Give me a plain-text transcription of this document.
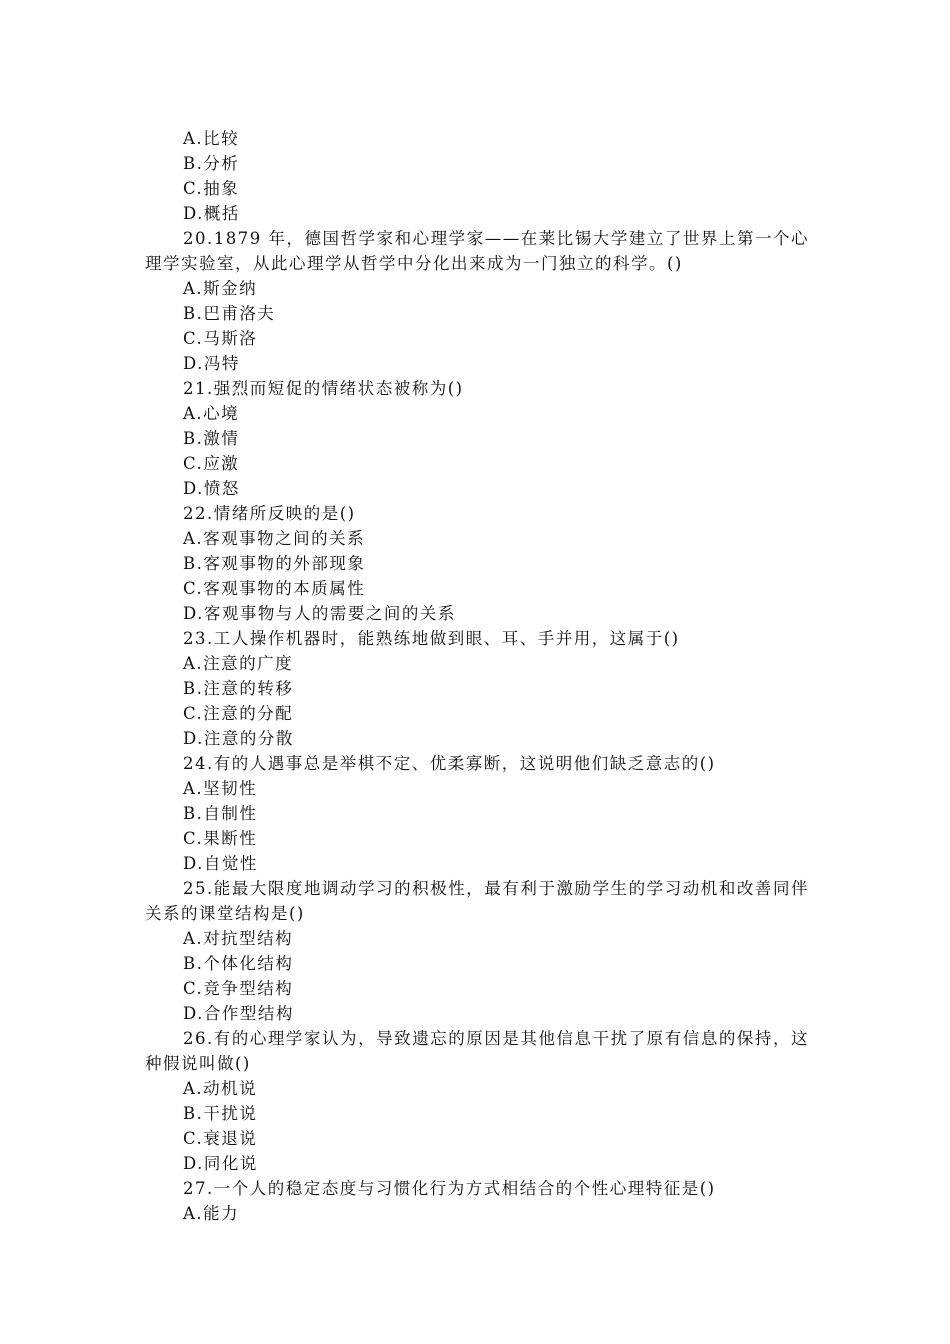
A.比较
B.分析
C.抽象
D.概括
20.1879 年，德国哲学家和心理学家——在莱比锡大学建立了世界上第一个心理学实验室，从此心理学从哲学中分化出来成为一门独立的科学。()
A.斯金纳
B.巴甫洛夫
C.马斯洛
D.冯特
21.强烈而短促的情绪状态被称为()
A.心境
B.激情
C.应激
D.愤怒
22.情绪所反映的是()
A.客观事物之间的关系
B.客观事物的外部现象
C.客观事物的本质属性
D.客观事物与人的需要之间的关系
23.工人操作机器时，能熟练地做到眼、耳、手并用，这属于()
A.注意的广度
B.注意的转移
C.注意的分配
D.注意的分散
24.有的人遇事总是举棋不定、优柔寡断，这说明他们缺乏意志的()
A.坚韧性
B.自制性
C.果断性
D.自觉性
25.能最大限度地调动学习的积极性，最有利于激励学生的学习动机和改善同伴关系的课堂结构是()
A.对抗型结构
B.个体化结构
C.竞争型结构
D.合作型结构
26.有的心理学家认为，导致遗忘的原因是其他信息干扰了原有信息的保持，这种假说叫做()
A.动机说
B.干扰说
C.衰退说
D.同化说
27.一个人的稳定态度与习惯化行为方式相结合的个性心理特征是()
A.能力
